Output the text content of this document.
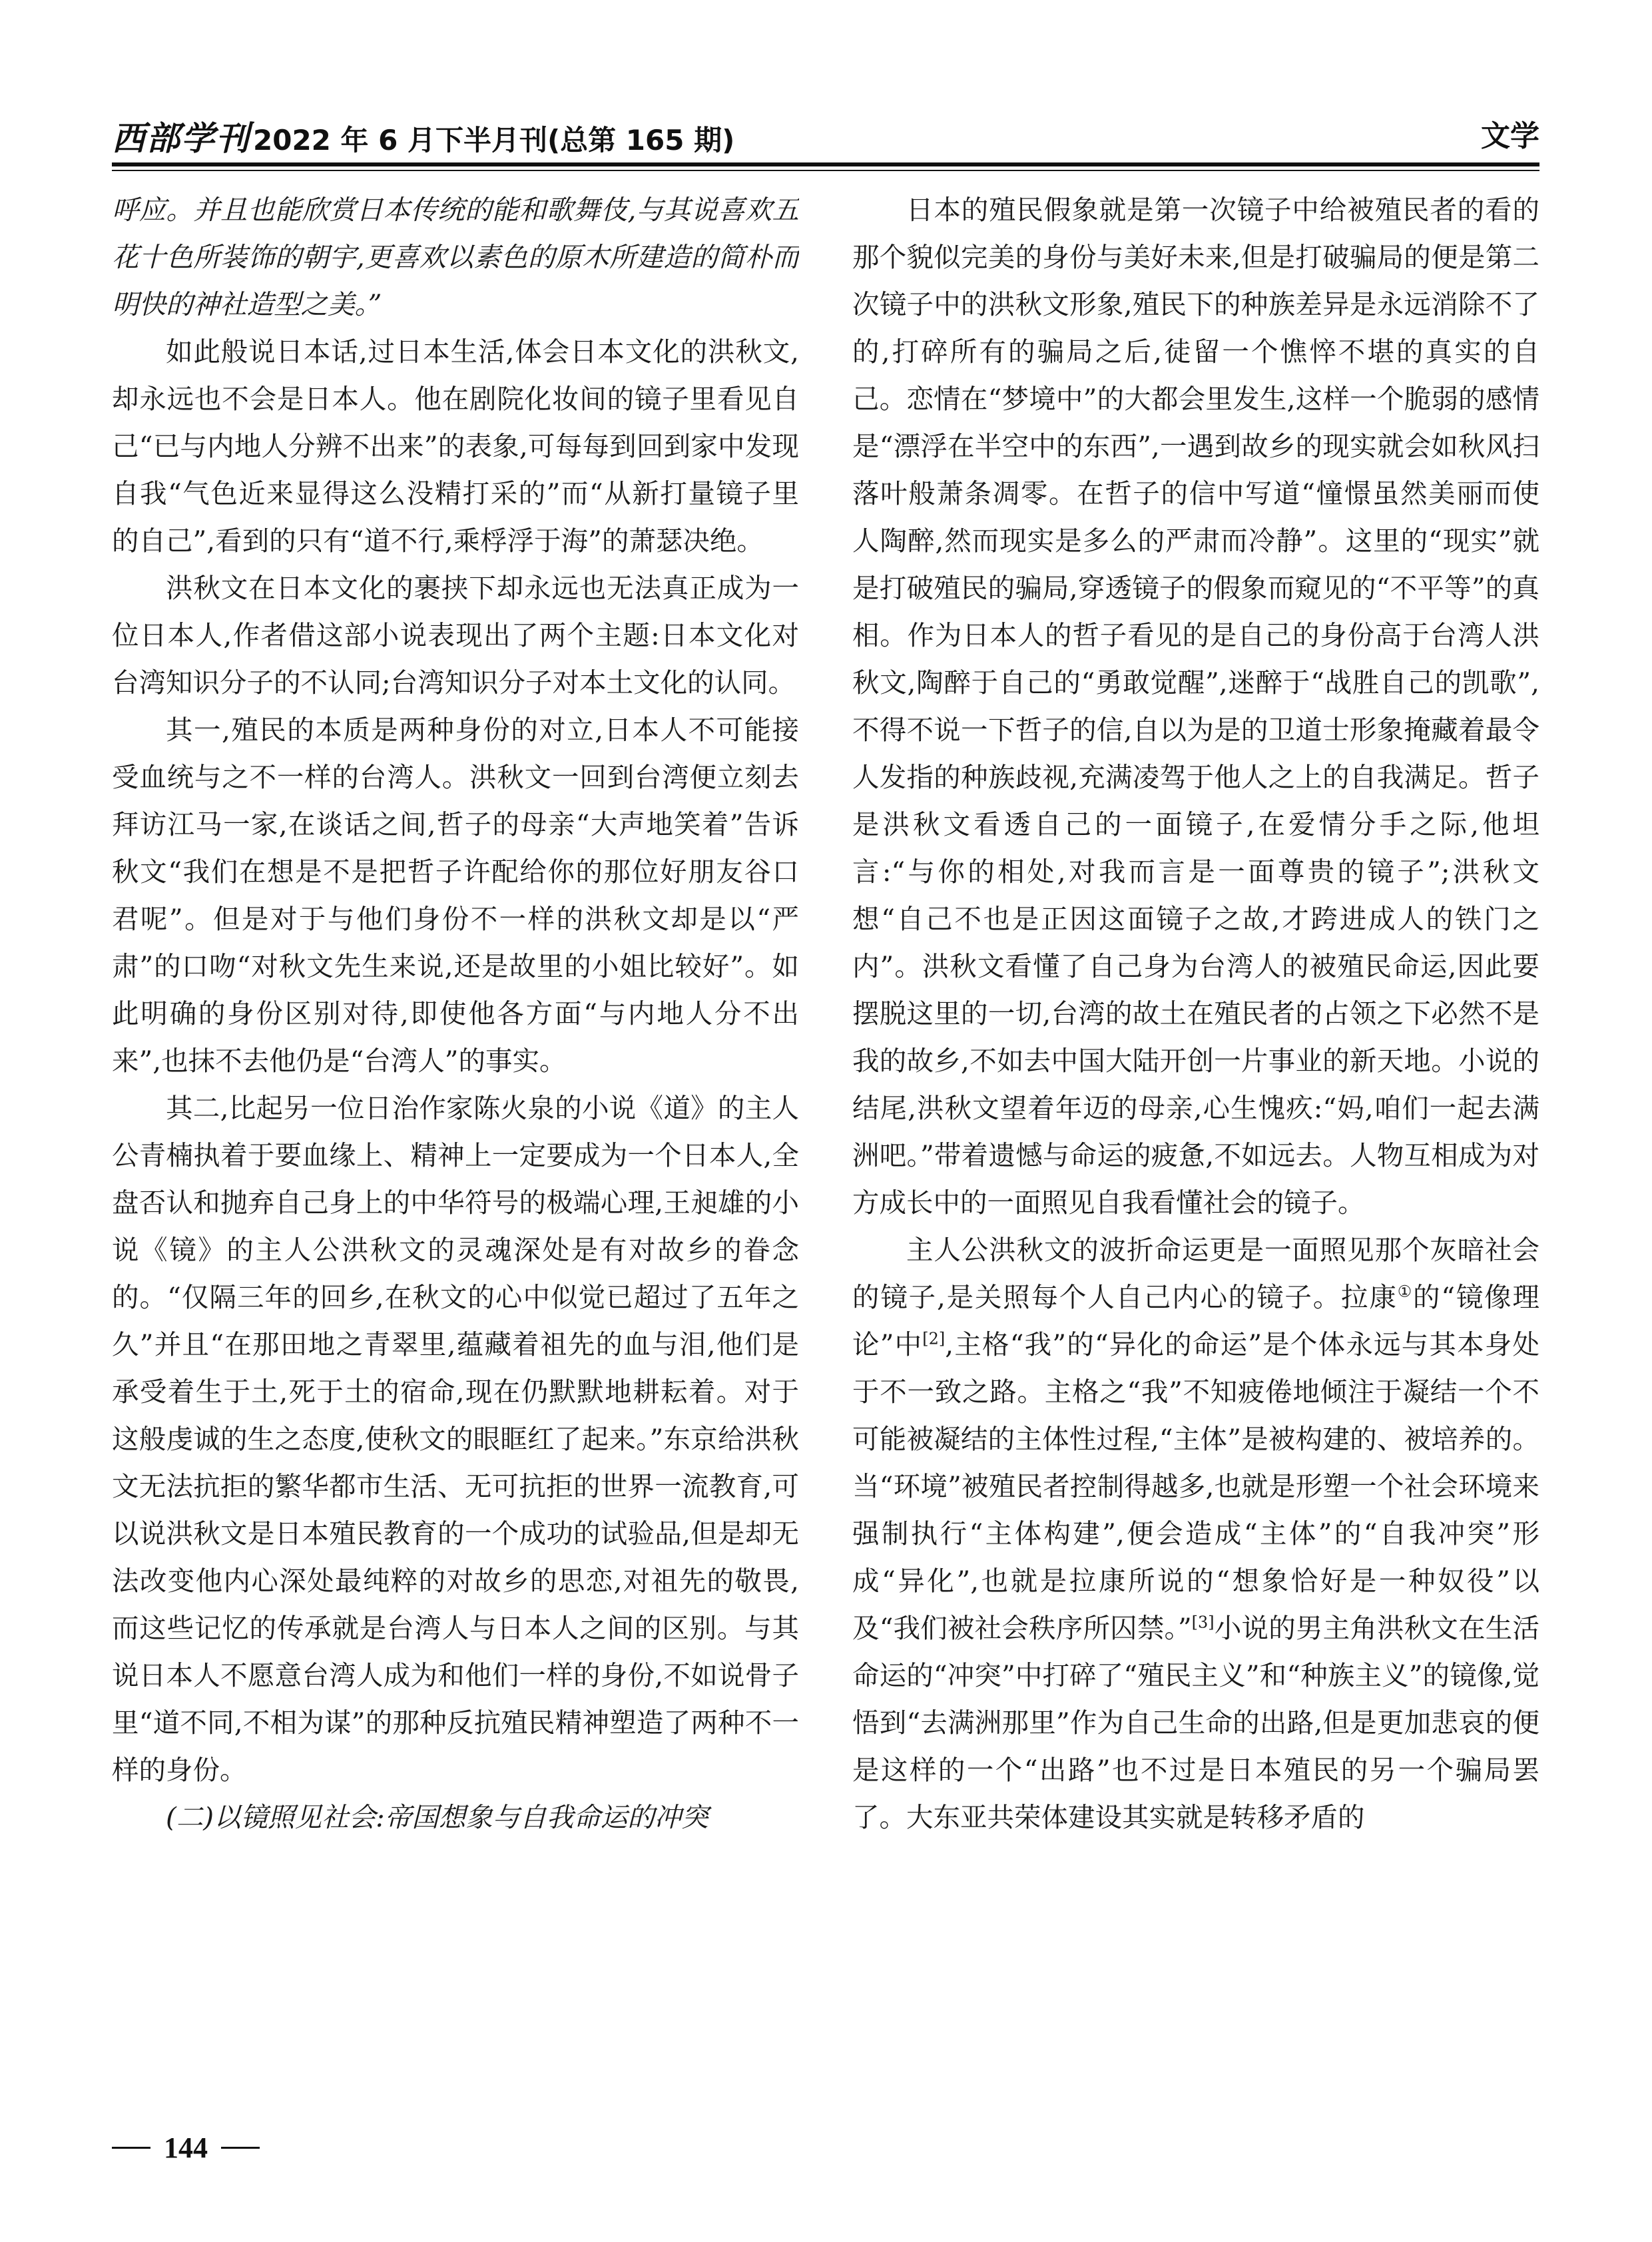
西部学刊 2022 年 6 月下半月刊(总第 165 期)	文学

呼应。并且也能欣赏日本传统的能和歌舞伎,与其说喜欢五花十色所装饰的朝宇,更喜欢以素色的原木所建造的简朴而明快的神社造型之美。”

如此般说日本话,过日本生活,体会日本文化的洪秋文,却永远也不会是日本人。他在剧院化妆间的镜子里看见自己“已与内地人分辨不出来”的表象,可每每到回到家中发现自我“气色近来显得这么没精打采的”而“从新打量镜子里的自己”,看到的只有“道不行,乘桴浮于海”的萧瑟决绝。

洪秋文在日本文化的裹挟下却永远也无法真正成为一位日本人,作者借这部小说表现出了两个主题:日本文化对台湾知识分子的不认同;台湾知识分子对本土文化的认同。

其一,殖民的本质是两种身份的对立,日本人不可能接受血统与之不一样的台湾人。洪秋文一回到台湾便立刻去拜访江马一家,在谈话之间,哲子的母亲“大声地笑着”告诉秋文“我们在想是不是把哲子许配给你的那位好朋友谷口君呢”。但是对于与他们身份不一样的洪秋文却是以“严肃”的口吻“对秋文先生来说,还是故里的小姐比较好”。如此明确的身份区别对待,即使他各方面“与内地人分不出来”,也抹不去他仍是“台湾人”的事实。

其二,比起另一位日治作家陈火泉的小说《道》的主人公青楠执着于要血缘上、精神上一定要成为一个日本人,全盘否认和抛弃自己身上的中华符号的极端心理,王昶雄的小说《镜》的主人公洪秋文的灵魂深处是有对故乡的眷念的。“仅隔三年的回乡,在秋文的心中似觉已超过了五年之久”并且“在那田地之青翠里,蕴藏着祖先的血与泪,他们是承受着生于土,死于土的宿命,现在仍默默地耕耘着。对于这般虔诚的生之态度,使秋文的眼眶红了起来。”东京给洪秋文无法抗拒的繁华都市生活、无可抗拒的世界一流教育,可以说洪秋文是日本殖民教育的一个成功的试验品,但是却无法改变他内心深处最纯粹的对故乡的思恋,对祖先的敬畏,而这些记忆的传承就是台湾人与日本人之间的区别。与其说日本人不愿意台湾人成为和他们一样的身份,不如说骨子里“道不同,不相为谋”的那种反抗殖民精神塑造了两种不一样的身份。

(二)以镜照见社会:帝国想象与自我命运的冲突

日本的殖民假象就是第一次镜子中给被殖民者的看的那个貌似完美的身份与美好未来,但是打破骗局的便是第二次镜子中的洪秋文形象,殖民下的种族差异是永远消除不了的,打碎所有的骗局之后,徒留一个憔悴不堪的真实的自己。恋情在“梦境中”的大都会里发生,这样一个脆弱的感情是“漂浮在半空中的东西”,一遇到故乡的现实就会如秋风扫落叶般萧条凋零。在哲子的信中写道“憧憬虽然美丽而使人陶醉,然而现实是多么的严肃而冷静”。这里的“现实”就是打破殖民的骗局,穿透镜子的假象而窥见的“不平等”的真相。作为日本人的哲子看见的是自己的身份高于台湾人洪秋文,陶醉于自己的“勇敢觉醒”,迷醉于“战胜自己的凯歌”,不得不说一下哲子的信,自以为是的卫道士形象掩藏着最令人发指的种族歧视,充满凌驾于他人之上的自我满足。哲子是洪秋文看透自己的一面镜子,在爱情分手之际,他坦言:“与你的相处,对我而言是一面尊贵的镜子”;洪秋文想“自己不也是正因这面镜子之故,才跨进成人的铁门之内”。洪秋文看懂了自己身为台湾人的被殖民命运,因此要摆脱这里的一切,台湾的故土在殖民者的占领之下必然不是我的故乡,不如去中国大陆开创一片事业的新天地。小说的结尾,洪秋文望着年迈的母亲,心生愧疚:“妈,咱们一起去满洲吧。”带着遗憾与命运的疲惫,不如远去。人物互相成为对方成长中的一面照见自我看懂社会的镜子。

主人公洪秋文的波折命运更是一面照见那个灰暗社会的镜子,是关照每个人自己内心的镜子。拉康①的“镜像理论”中[2],主格“我”的“异化的命运”是个体永远与其本身处于不一致之路。主格之“我”不知疲倦地倾注于凝结一个不可能被凝结的主体性过程,“主体”是被构建的、被培养的。当“环境”被殖民者控制得越多,也就是形塑一个社会环境来强制执行“主体构建”,便会造成“主体”的“自我冲突”形成“异化”,也就是拉康所说的“想象恰好是一种奴役”以及“我们被社会秩序所囚禁。”[3]小说的男主角洪秋文在生活命运的“冲突”中打碎了“殖民主义”和“种族主义”的镜像,觉悟到“去满洲那里”作为自己生命的出路,但是更加悲哀的便是这样的一个“出路”也不过是日本殖民的另一个骗局罢了。大东亚共荣体建设其实就是转移矛盾的

144
